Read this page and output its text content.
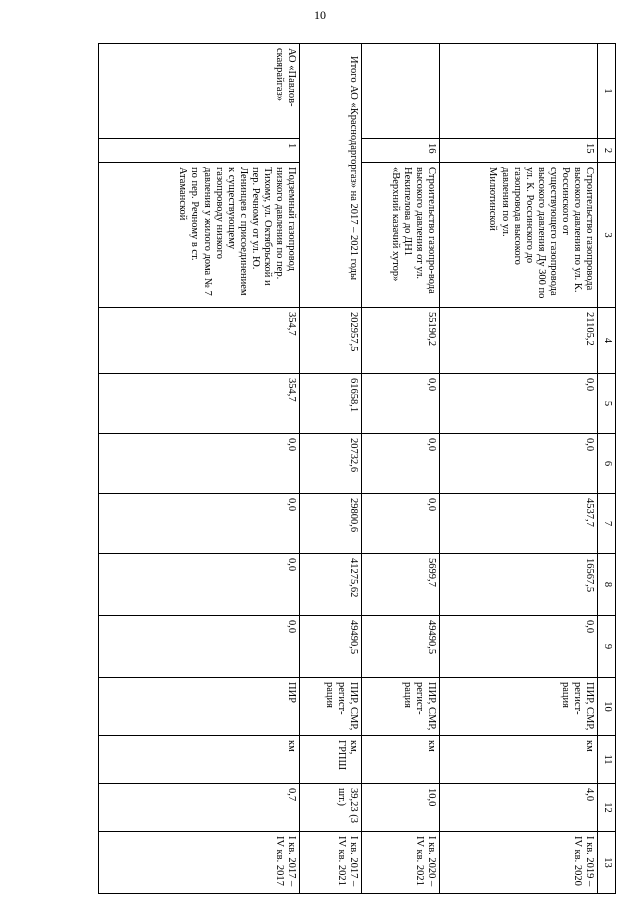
10
1	2	3	4	5	6	7	8	9	10	11	12	13
	15	Строительство газопровода высокого давления по ул. К. Россинского от существующего газопровода высокого давления Ду 300 по ул. К. Россинского до газопровода высокого давления по ул. Милютинской	21105,2	0,0	0,0	4537,7	16567,5	0,0	ПИР, СМР, регист-рация	км	4,0	I кв. 2019 – IV кв. 2020
	16	Строительство газопро-вода высокого давления от ул. Некипелова до ДН1 «Верхний казачий хутор»	55190,2	0,0	0,0	0,0	5699,7	49490,5	ПИР, СМР, регист-рация	км	10,0	I кв. 2020 – IV кв. 2021
Итого АО «Краснодаргоргаз» на 2017 – 2021 годы			202957,5	61658,1	20732,6	29800,6	41275,62	49490,5	ПИР, СМР, регист-рация	км, ГРПШ	39,23 (3 шт.)	I кв. 2017 – IV кв. 2021
АО «Павлов-скаярайгаз»	1	Подземный газопровод низкого давления по пер. Тихому, ул. Октябрьской и пер. Речному от ул. Ю. Ленинцев с присоединением к существующему газопроводу низкого давления у жилого дома № 7 по пер. Речному в ст. Атаманской	354,7	354,7	0,0	0,0	0,0	0,0	ПИР	км	0,7	I кв. 2017 – IV кв. 2017
